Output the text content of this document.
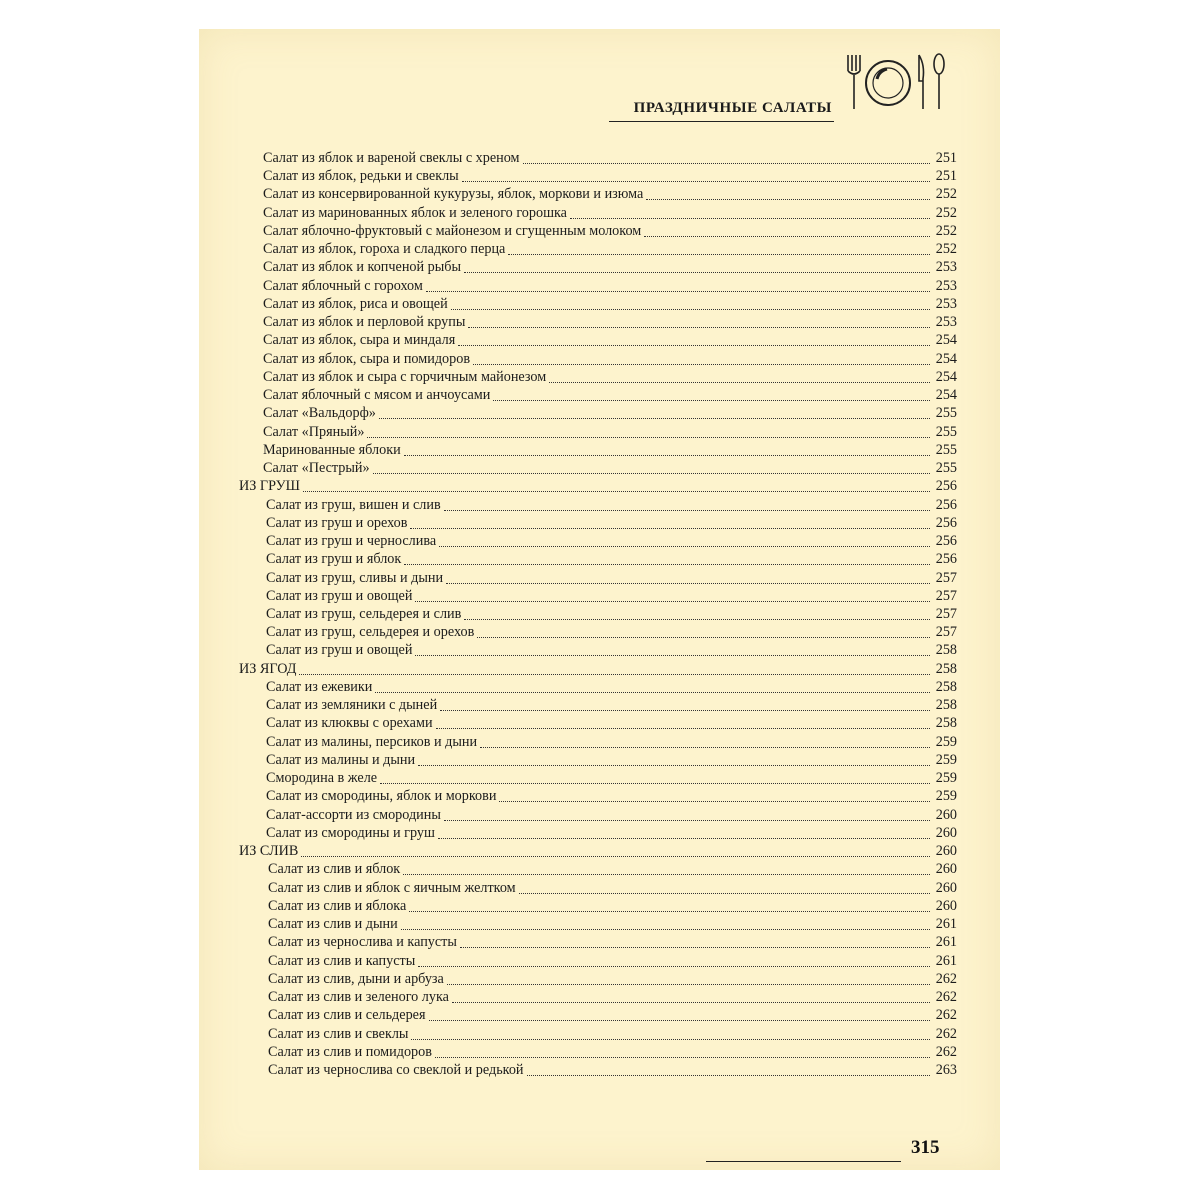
ПРАЗДНИЧНЫЕ САЛАТЫ
Салат из яблок и вареной свеклы с хреном	251
Салат из яблок, редьки и свеклы	251
Салат из консервированной кукурузы, яблок, моркови и изюма	252
Салат из маринованных яблок и зеленого горошка	252
Салат яблочно-фруктовый с майонезом и сгущенным молоком	252
Салат из яблок, гороха и сладкого перца	252
Салат из яблок и копченой рыбы	253
Салат яблочный с горохом	253
Салат из яблок, риса и овощей	253
Салат из яблок и перловой крупы	253
Салат из яблок, сыра и миндаля	254
Салат из яблок, сыра и помидоров	254
Салат из яблок и сыра с горчичным майонезом	254
Салат яблочный с мясом и анчоусами	254
Салат «Вальдорф»	255
Салат «Пряный»	255
Маринованные яблоки	255
Салат «Пестрый»	255
ИЗ ГРУШ	256
Салат из груш, вишен и слив	256
Салат из груш и орехов	256
Салат из груш и чернослива	256
Салат из груш и яблок	256
Салат из груш, сливы и дыни	257
Салат из груш и овощей	257
Салат из груш, сельдерея и слив	257
Салат из груш, сельдерея и орехов	257
Салат из груш и овощей	258
ИЗ ЯГОД	258
Салат из ежевики	258
Салат из земляники с дыней	258
Салат из клюквы с орехами	258
Салат из малины, персиков и дыни	259
Салат из малины и дыни	259
Смородина в желе	259
Салат из смородины, яблок и моркови	259
Салат-ассорти из смородины	260
Салат из смородины и груш	260
ИЗ СЛИВ	260
Салат из слив и яблок	260
Салат из слив и яблок с яичным желтком	260
Салат из слив и яблока	260
Салат из слив и дыни	261
Салат из чернослива и капусты	261
Салат из слив и капусты	261
Салат из слив, дыни и арбуза	262
Салат из слив и зеленого лука	262
Салат из слив и сельдерея	262
Салат из слив и свеклы	262
Салат из слив и помидоров	262
Салат из чернослива со свеклой и редькой	263
315
